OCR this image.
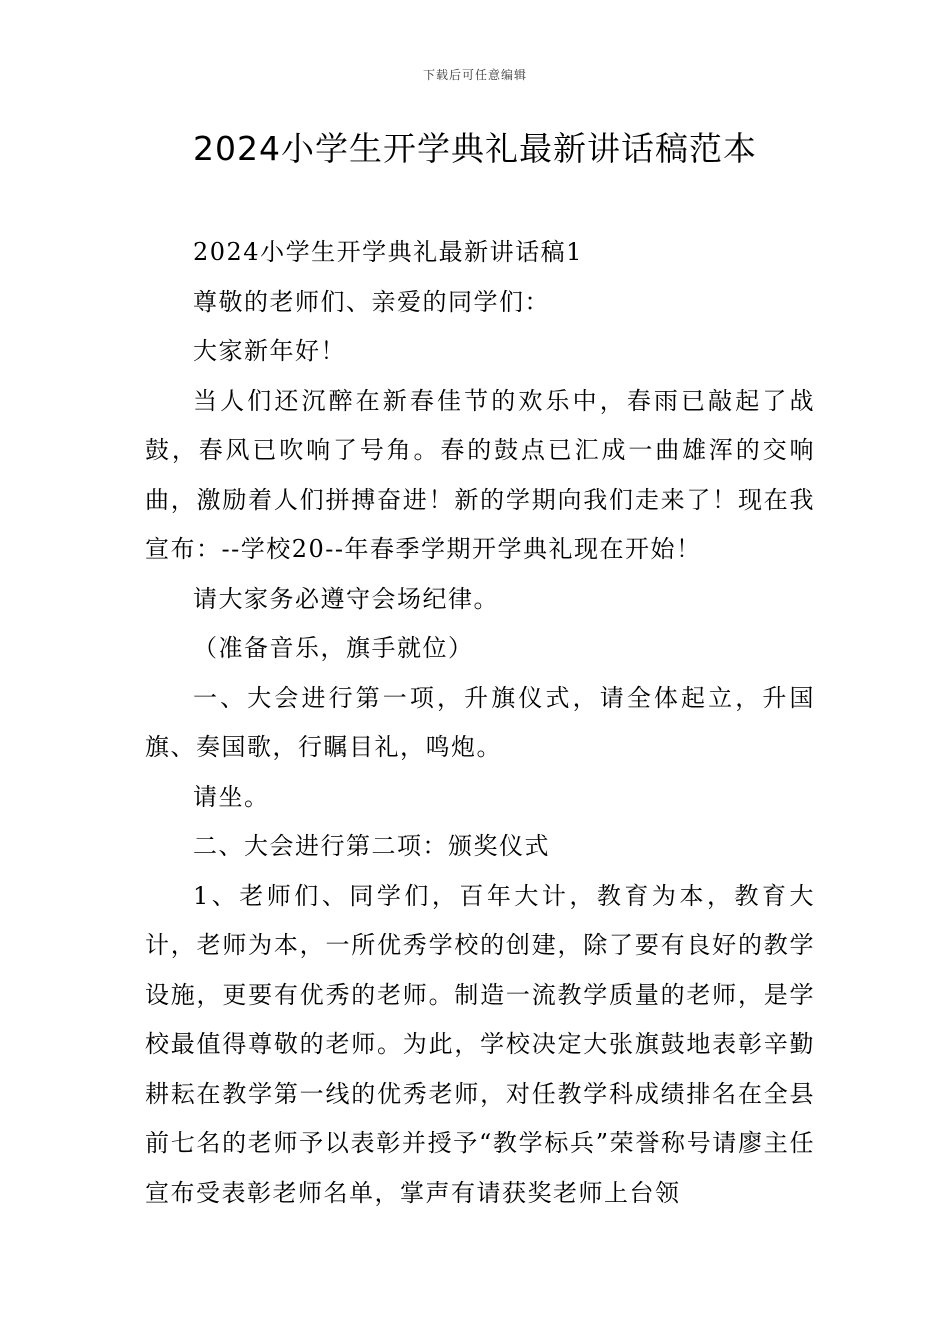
下载后可任意编辑
2024小学生开学典礼最新讲话稿范本

2024小学生开学典礼最新讲话稿1

尊敬的老师们、亲爱的同学们：

大家新年好！

当人们还沉醉在新春佳节的欢乐中，春雨已敲起了战鼓，春风已吹响了号角。春的鼓点已汇成一曲雄浑的交响曲，激励着人们拼搏奋进！新的学期向我们走来了！现在我宣布：--学校20--年春季学期开学典礼现在开始！

请大家务必遵守会场纪律。

（准备音乐，旗手就位）

一、大会进行第一项，升旗仪式，请全体起立，升国旗、奏国歌，行瞩目礼，鸣炮。

请坐。

二、大会进行第二项：颁奖仪式

1、老师们、同学们，百年大计，教育为本，教育大计，老师为本，一所优秀学校的创建，除了要有良好的教学设施，更要有优秀的老师。制造一流教学质量的老师，是学校最值得尊敬的老师。为此，学校决定大张旗鼓地表彰辛勤耕耘在教学第一线的优秀老师，对任教学科成绩排名在全县前七名的老师予以表彰并授予“教学标兵”荣誉称号请廖主任宣布受表彰老师名单，掌声有请获奖老师上台领
